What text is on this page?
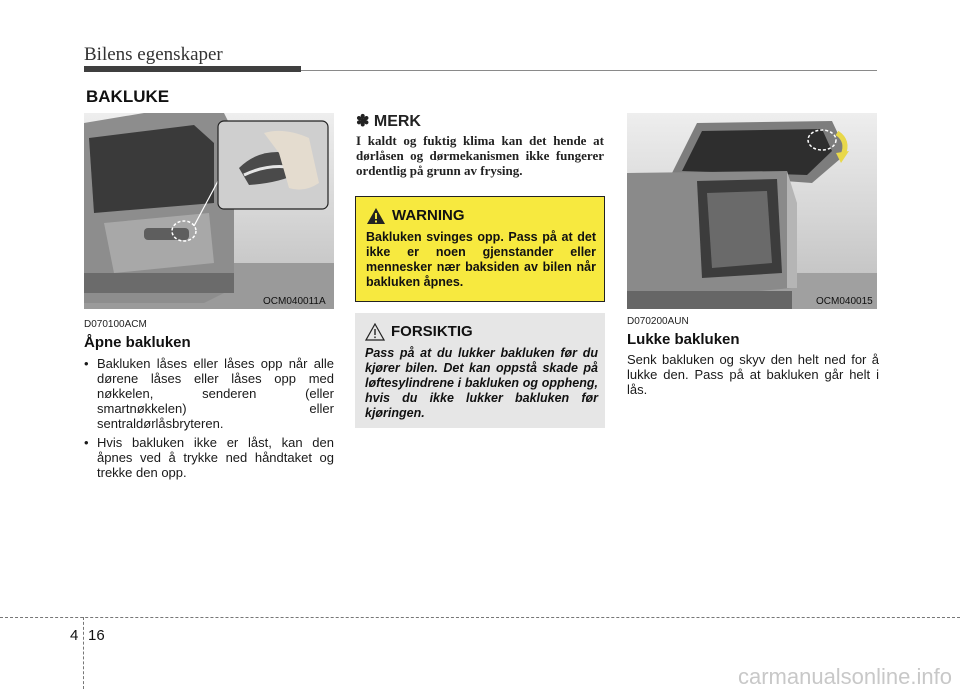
Bilens egenskaper
BAKLUKE
OCM040011A
D070100ACM
Åpne bakluken
• Bakluken låses eller låses opp når alle dørene låses eller låses opp med nøkkelen, senderen (eller smartnøkkelen) eller sentraldørlåsbryteren.
• Hvis bakluken ikke er låst, kan den åpnes ved å trykke ned håndtaket og trekke den opp.
✽ MERK
I kaldt og fuktig klima kan det hende at dørlåsen og dørmekanismen ikke fungerer ordentlig på grunn av frysing.
WARNING
Bakluken svinges opp. Pass på at det ikke er noen gjenstander eller mennesker nær baksiden av bilen når bakluken åpnes.
FORSIKTIG
Pass på at du lukker bakluken før du kjører bilen. Det kan oppstå skade på løftesylindrene i bakluken og oppheng, hvis du ikke lukker bakluken før kjøringen.
OCM040015
D070200AUN
Lukke bakluken
Senk bakluken og skyv den helt ned for å lukke den. Pass på at bakluken går helt i lås.
4 16
carmanualsonline.info
